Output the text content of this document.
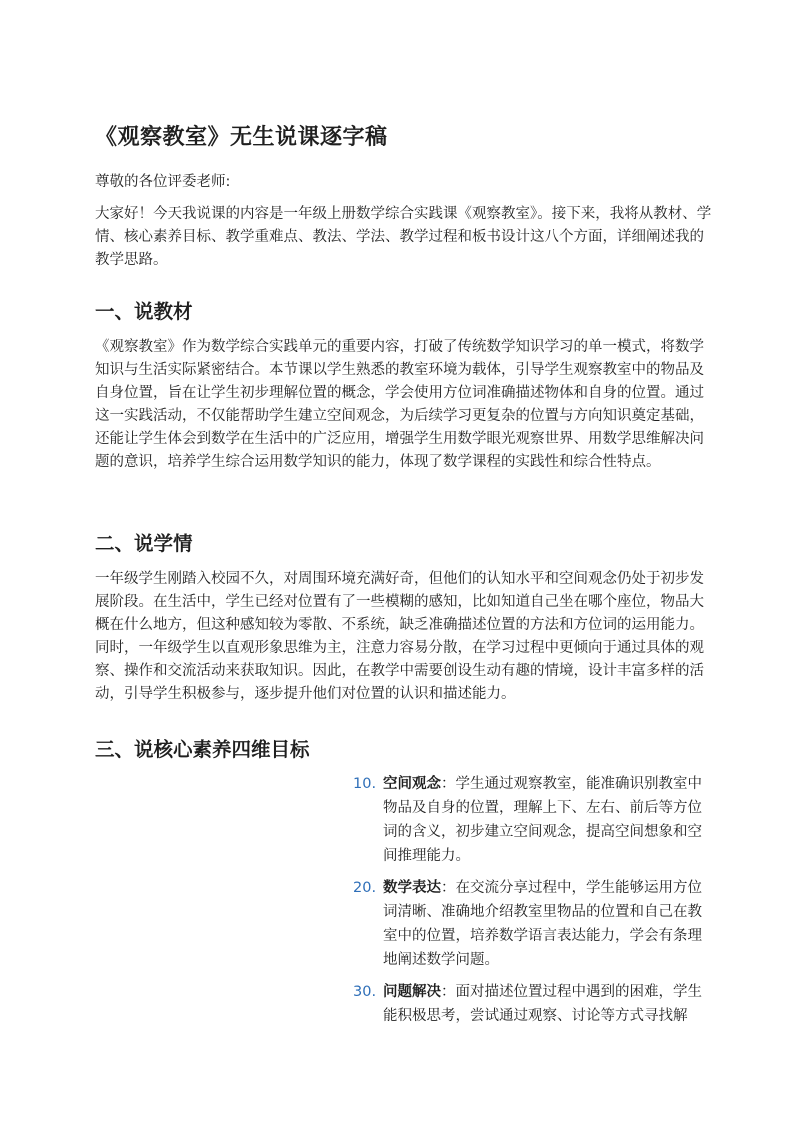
《观察教室》无生说课逐字稿

尊敬的各位评委老师:

大家好！今天我说课的内容是一年级上册数学综合实践课《观察教室》。接下来，我将从教材、学情、核心素养目标、教学重难点、教法、学法、教学过程和板书设计这八个方面，详细阐述我的教学思路。

一、说教材

《观察教室》作为数学综合实践单元的重要内容，打破了传统数学知识学习的单一模式，将数学知识与生活实际紧密结合。本节课以学生熟悉的教室环境为载体，引导学生观察教室中的物品及自身位置，旨在让学生初步理解位置的概念，学会使用方位词准确描述物体和自身的位置。通过这一实践活动，不仅能帮助学生建立空间观念，为后续学习更复杂的位置与方向知识奠定基础，还能让学生体会到数学在生活中的广泛应用，增强学生用数学眼光观察世界、用数学思维解决问题的意识，培养学生综合运用数学知识的能力，体现了数学课程的实践性和综合性特点。

二、说学情

一年级学生刚踏入校园不久，对周围环境充满好奇，但他们的认知水平和空间观念仍处于初步发展阶段。在生活中，学生已经对位置有了一些模糊的感知，比如知道自己坐在哪个座位，物品大概在什么地方，但这种感知较为零散、不系统，缺乏准确描述位置的方法和方位词的运用能力。同时，一年级学生以直观形象思维为主，注意力容易分散，在学习过程中更倾向于通过具体的观察、操作和交流活动来获取知识。因此，在教学中需要创设生动有趣的情境，设计丰富多样的活动，引导学生积极参与，逐步提升他们对位置的认识和描述能力。

三、说核心素养四维目标
10. 空间观念：学生通过观察教室，能准确识别教室中物品及自身的位置，理解上下、左右、前后等方位词的含义，初步建立空间观念，提高空间想象和空间推理能力。
20. 数学表达：在交流分享过程中，学生能够运用方位词清晰、准确地介绍教室里物品的位置和自己在教室中的位置，培养数学语言表达能力，学会有条理地阐述数学问题。
30. 问题解决：面对描述位置过程中遇到的困难，学生能积极思考，尝试通过观察、讨论等方式寻找解
